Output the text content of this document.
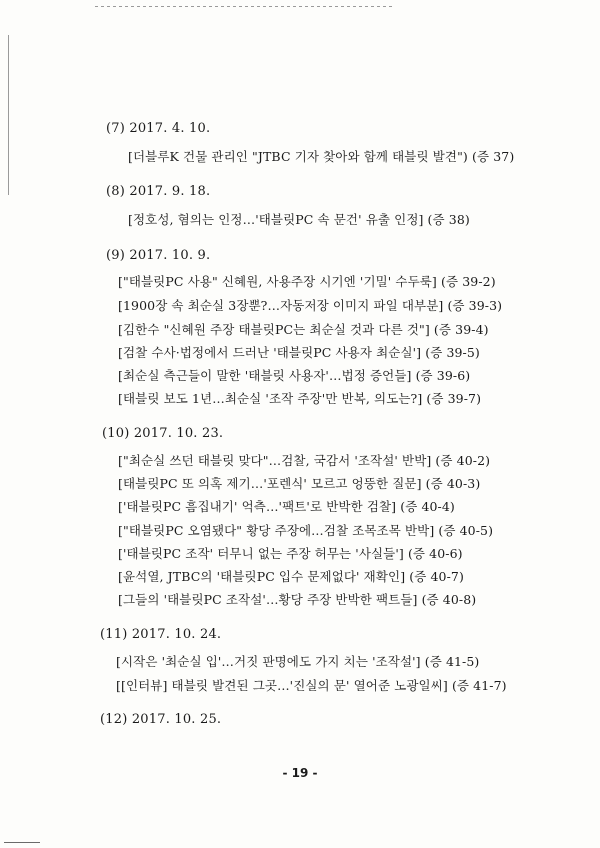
(7) 2017. 4. 10.
[더블루K 건물 관리인 "JTBC 기자 찾아와 함께 태블릿 발견") (증 37)
(8) 2017. 9. 18.
[정호성, 혐의는 인정…'태블릿PC 속 문건' 유출 인정] (증 38)
(9) 2017. 10. 9.
["태블릿PC 사용" 신혜원, 사용주장 시기엔 '기밀' 수두룩] (증 39-2)
[1900장 속 최순실 3장뿐?…자동저장 이미지 파일 대부분] (증 39-3)
[김한수 "신혜원 주장 태블릿PC는 최순실 것과 다른 것"] (증 39-4)
[검찰 수사·법정에서 드러난 '태블릿PC 사용자 최순실'] (증 39-5)
[최순실 측근들이 말한 '태블릿 사용자'…법정 증언들] (증 39-6)
[태블릿 보도 1년…최순실 '조작 주장'만 반복, 의도는?] (증 39-7)
(10) 2017. 10. 23.
["최순실 쓰던 태블릿 맞다"…검찰, 국감서 '조작설' 반박] (증 40-2)
[태블릿PC 또 의혹 제기…'포렌식' 모르고 엉뚱한 질문] (증 40-3)
['태블릿PC 흠집내기' 억측…'팩트'로 반박한 검찰] (증 40-4)
["태블릿PC 오염됐다" 황당 주장에…검찰 조목조목 반박] (증 40-5)
['태블릿PC 조작' 터무니 없는 주장 허무는 '사실들'] (증 40-6)
[윤석열, JTBC의 '태블릿PC 입수 문제없다' 재확인] (증 40-7)
[그들의 '태블릿PC 조작설'…황당 주장 반박한 팩트들] (증 40-8)
(11) 2017. 10. 24.
[시작은 '최순실 입'…거짓 판명에도 가지 치는 '조작설'] (증 41-5)
[[인터뷰] 태블릿 발견된 그곳…'진실의 문' 열어준 노광일씨] (증 41-7)
(12) 2017. 10. 25.
- 19 -
